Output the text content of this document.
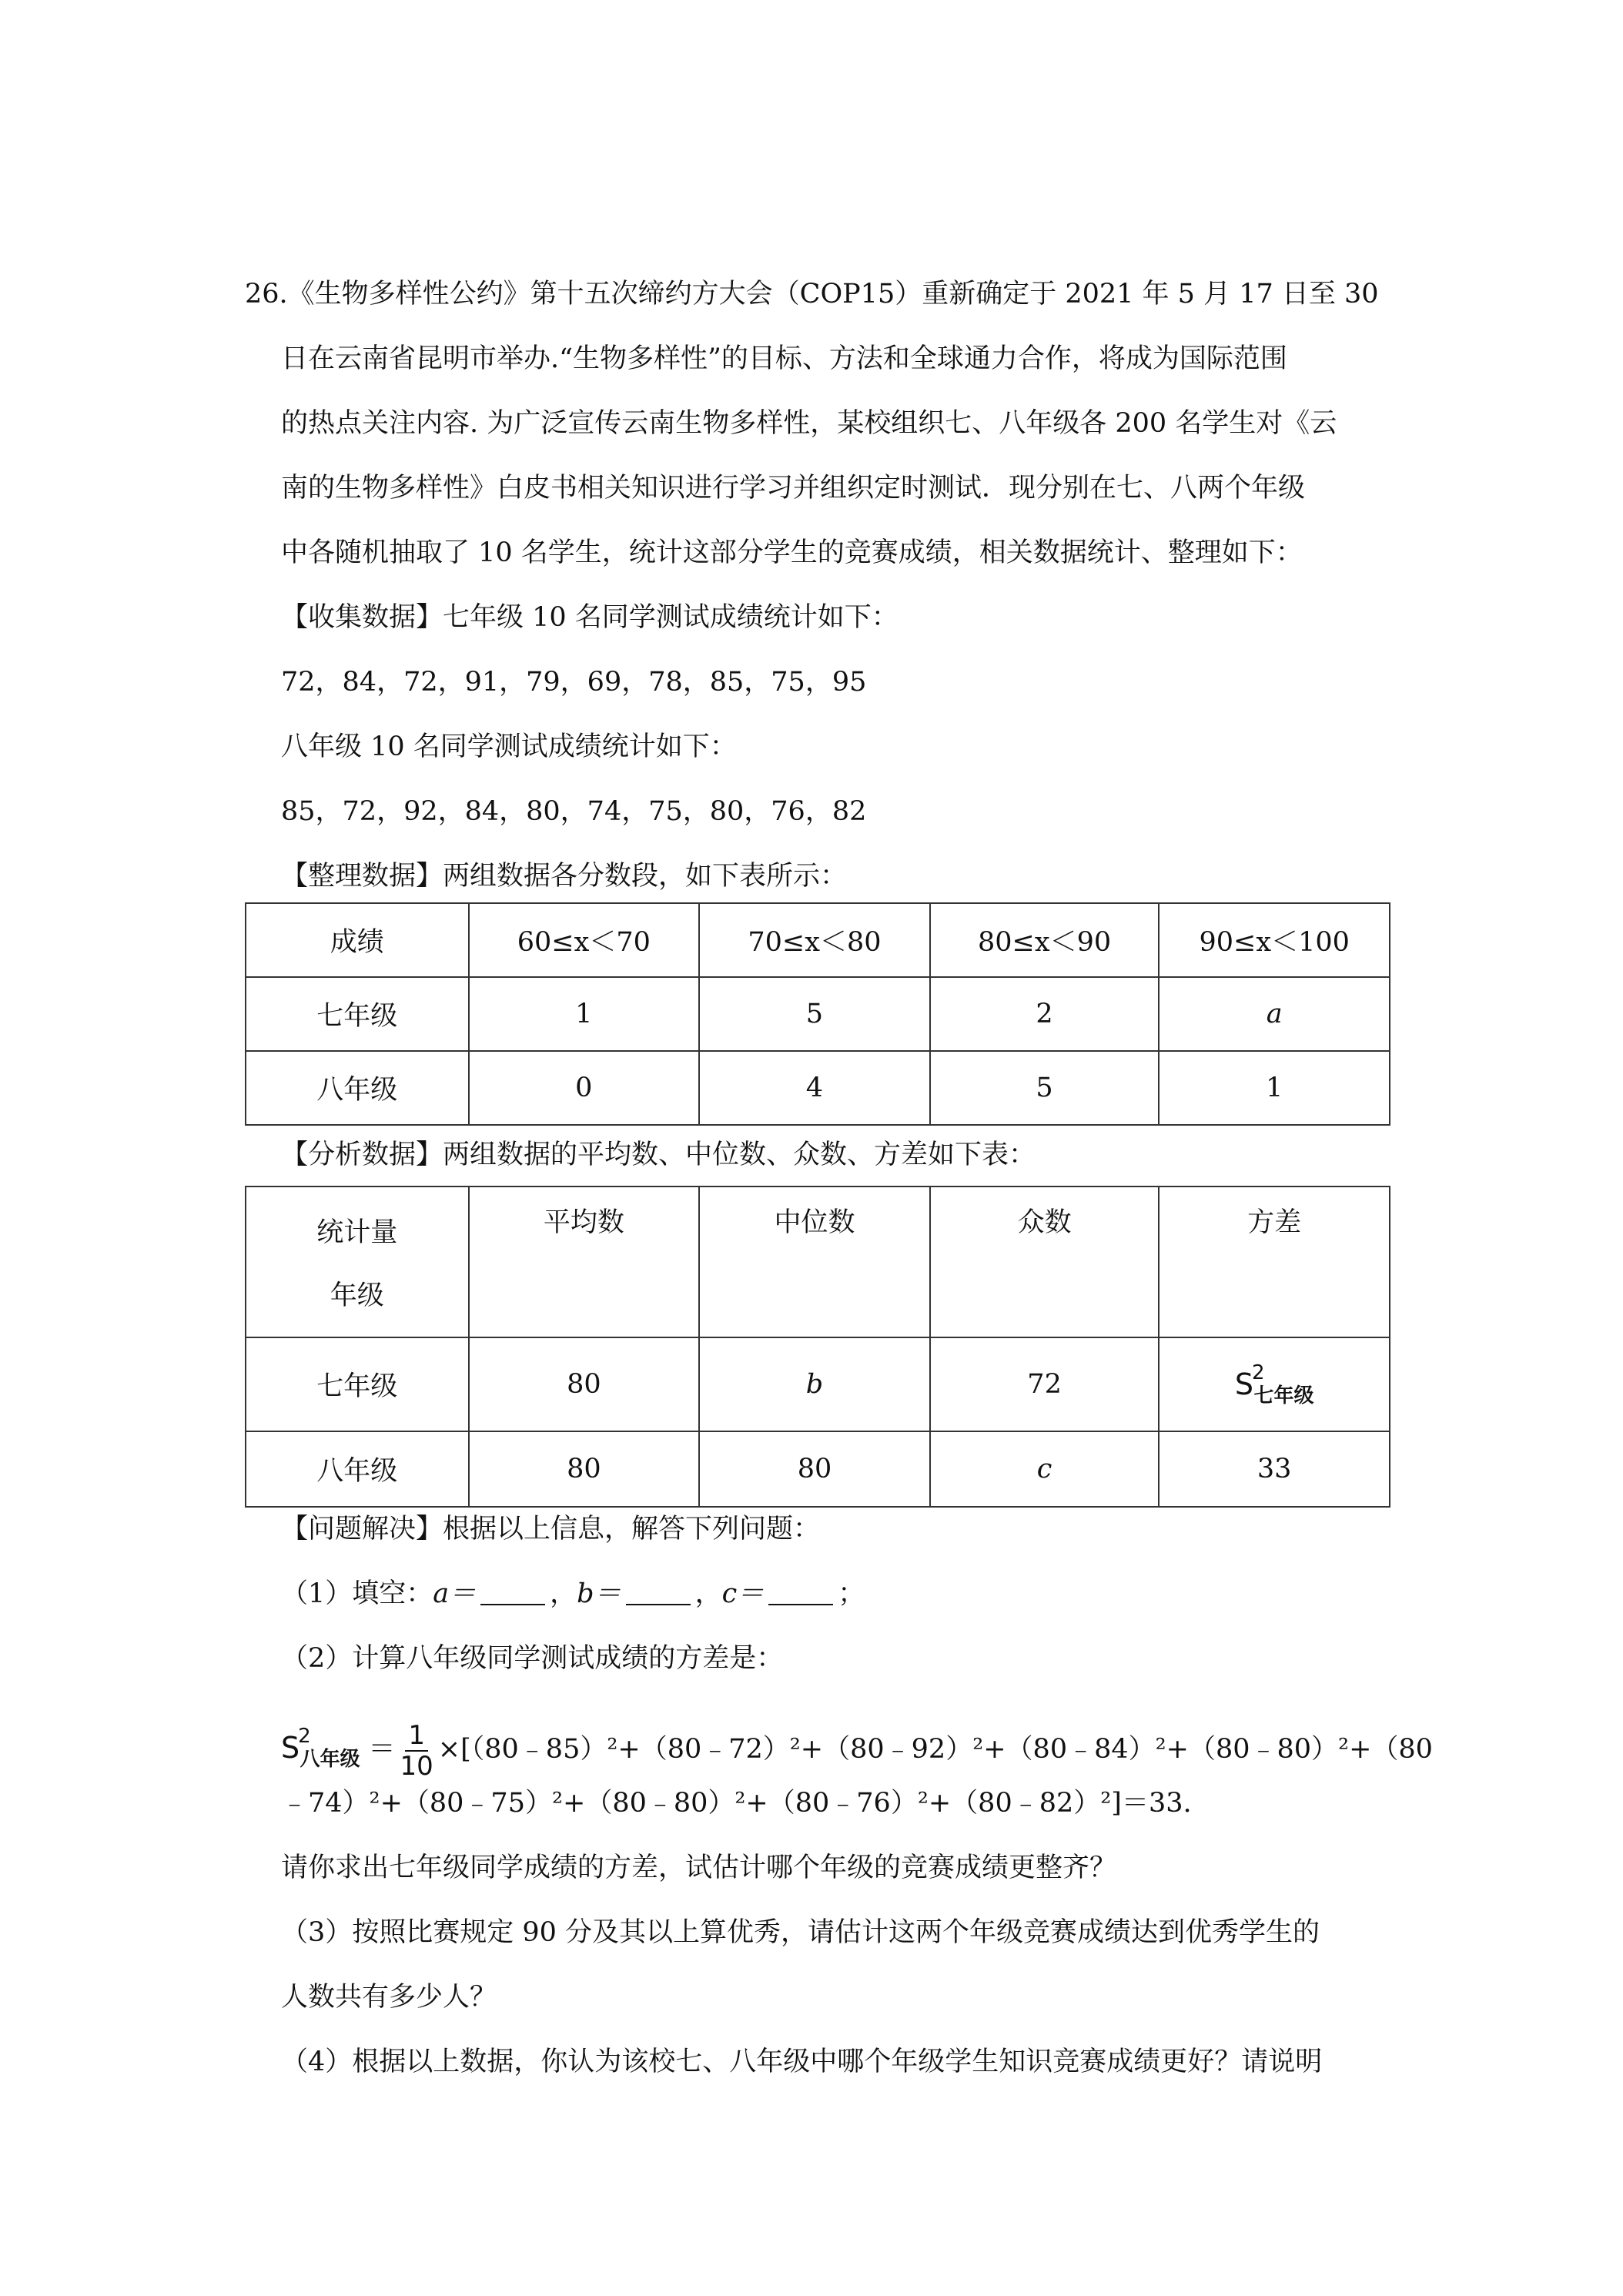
26.《生物多样性公约》第十五次缔约方大会（COP15）重新确定于 2021 年 5 月 17 日至 30
日在云南省昆明市举办.“生物多样性”的目标、方法和全球通力合作，将成为国际范围
的热点关注内容. 为广泛宣传云南生物多样性，某校组织七、八年级各 200 名学生对《云
南的生物多样性》白皮书相关知识进行学习并组织定时测试．现分别在七、八两个年级
中各随机抽取了 10 名学生，统计这部分学生的竞赛成绩，相关数据统计、整理如下：
【收集数据】七年级 10 名同学测试成绩统计如下：
72，84，72，91，79，69，78，85，75，95
八年级 10 名同学测试成绩统计如下：
85，72，92，84，80，74，75，80，76，82
【整理数据】两组数据各分数段，如下表所示：
成绩	60≤x＜70	70≤x＜80	80≤x＜90	90≤x＜100
七年级	1	5	2	a
八年级	0	4	5	1
【分析数据】两组数据的平均数、中位数、众数、方差如下表：
统计量
年级	平均数	中位数	众数	方差
七年级	80	b	72	$S^2_{七年级}$
八年级	80	80	c	33
【问题解决】根据以上信息，解答下列问题：
（1）填空：a＝	，b＝	，c＝	；
（2）计算八年级同学测试成绩的方差是：
$S^2_{八年级} = \frac{1}{10}$ ×[（80﹣85）²+（80﹣72）²+（80﹣92）²+（80﹣84）²+（80﹣80）²+（80
﹣74）²+（80﹣75）²+（80﹣80）²+（80﹣76）²+（80﹣82）²]＝33.
请你求出七年级同学成绩的方差，试估计哪个年级的竞赛成绩更整齐？
（3）按照比赛规定 90 分及其以上算优秀，请估计这两个年级竞赛成绩达到优秀学生的
人数共有多少人？
（4）根据以上数据，你认为该校七、八年级中哪个年级学生知识竞赛成绩更好？请说明
